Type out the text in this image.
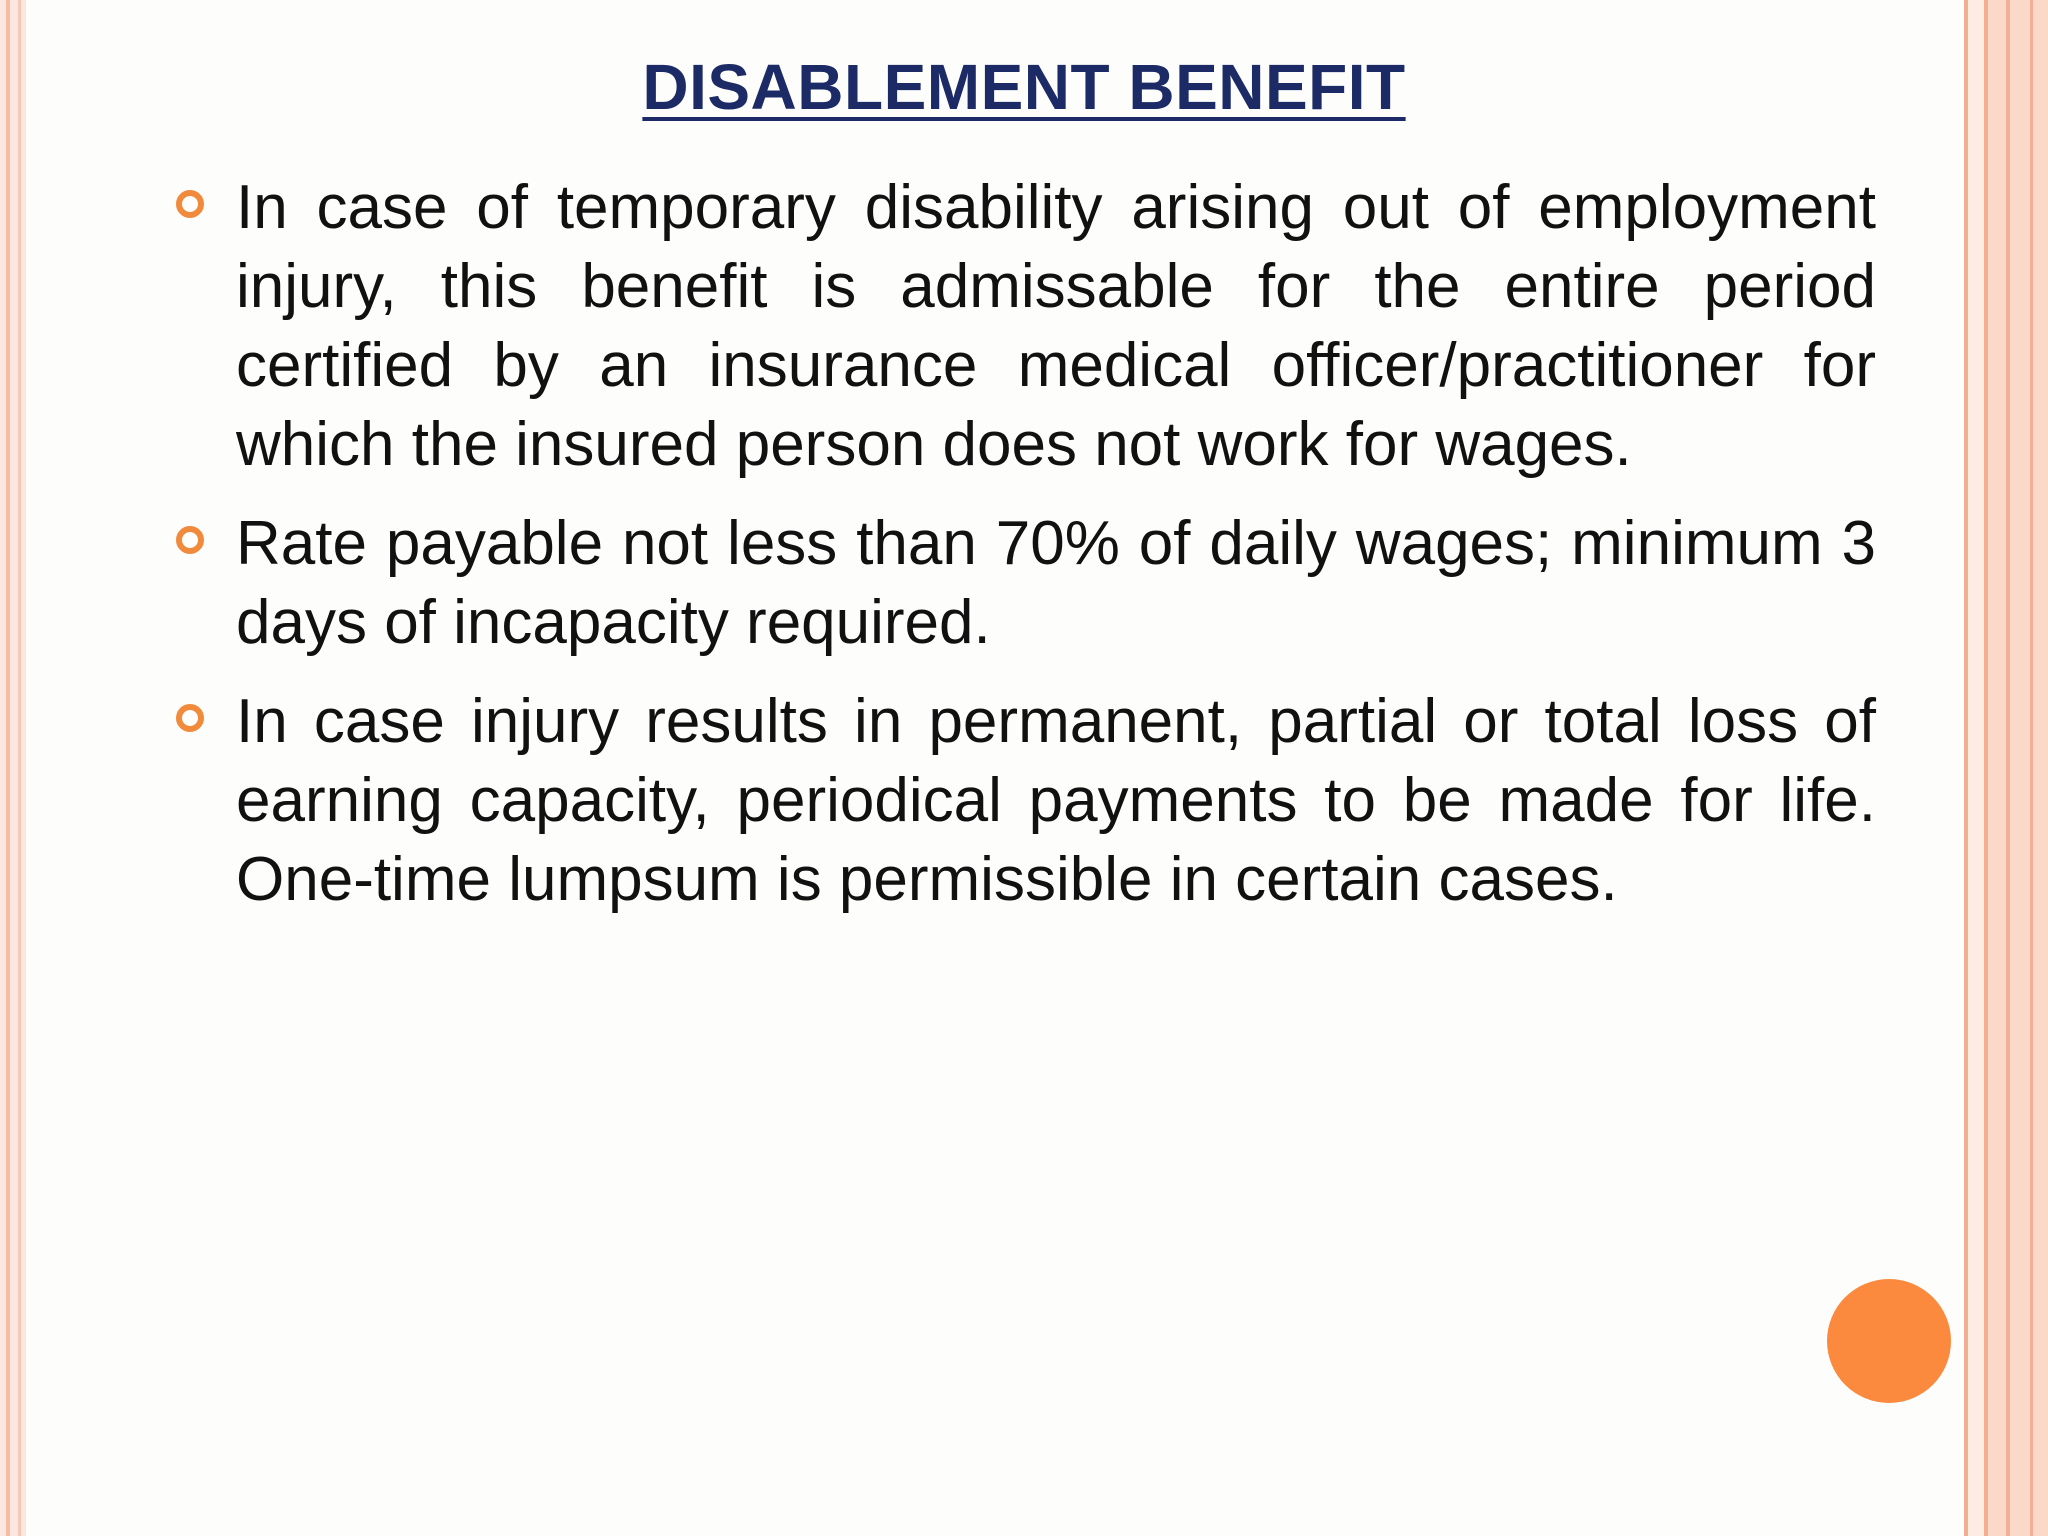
DISABLEMENT BENEFIT
In case of temporary disability arising out of employment injury, this benefit is admissable for the entire period certified by an insurance medical officer/practitioner for which the insured person does not work for wages.
Rate payable not less than 70% of daily wages; minimum 3 days of incapacity required.
In case injury results in permanent, partial or total loss of earning capacity, periodical payments to be made for life. One-time lumpsum is permissible in certain cases.
